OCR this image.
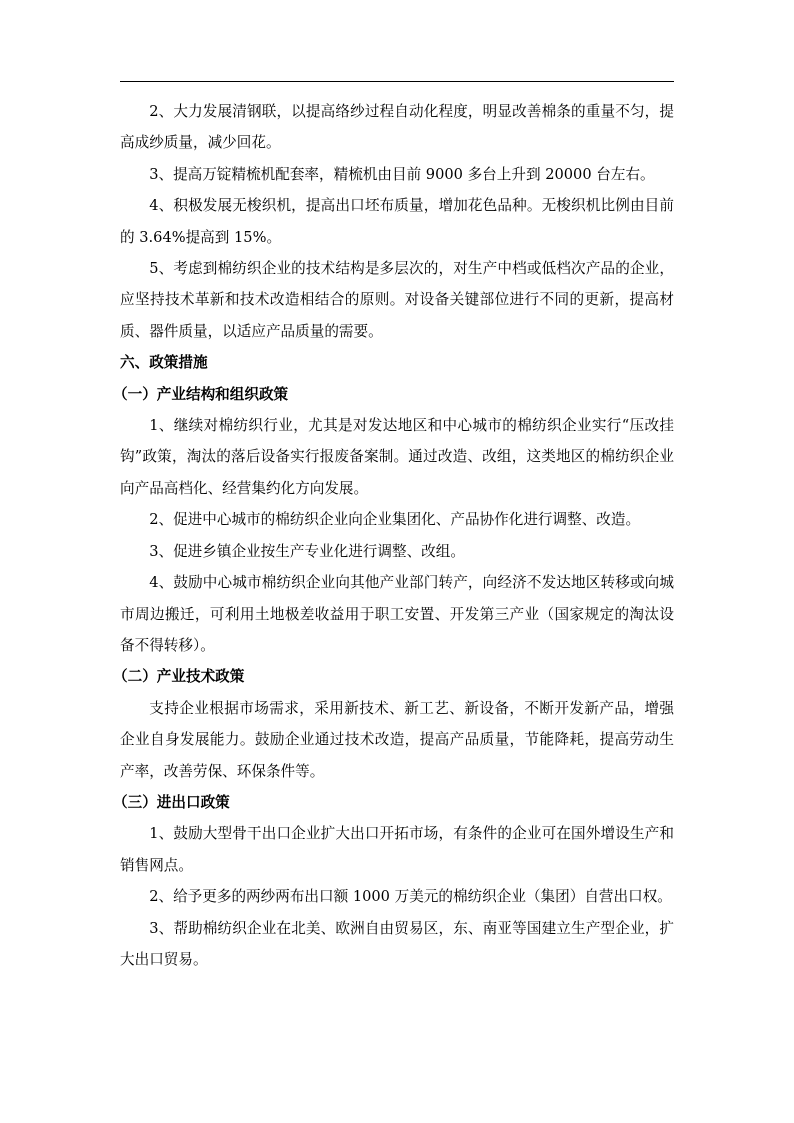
2、大力发展清钢联，以提高络纱过程自动化程度，明显改善棉条的重量不匀，提高成纱质量，减少回花。

3、提高万锭精梳机配套率，精梳机由目前 9000 多台上升到 20000 台左右。

4、积极发展无梭织机，提高出口坯布质量，增加花色品种。无梭织机比例由目前的 3.64%提高到 15%。

5、考虑到棉纺织企业的技术结构是多层次的，对生产中档或低档次产品的企业，应坚持技术革新和技术改造相结合的原则。对设备关键部位进行不同的更新，提高材质、器件质量，以适应产品质量的需要。

六、政策措施

（一）产业结构和组织政策

1、继续对棉纺织行业，尤其是对发达地区和中心城市的棉纺织企业实行“压改挂钩”政策，淘汰的落后设备实行报废备案制。通过改造、改组，这类地区的棉纺织企业向产品高档化、经营集约化方向发展。

2、促进中心城市的棉纺织企业向企业集团化、产品协作化进行调整、改造。

3、促进乡镇企业按生产专业化进行调整、改组。

4、鼓励中心城市棉纺织企业向其他产业部门转产，向经济不发达地区转移或向城市周边搬迁，可利用土地极差收益用于职工安置、开发第三产业（国家规定的淘汰设备不得转移）。

（二）产业技术政策

支持企业根据市场需求，采用新技术、新工艺、新设备，不断开发新产品，增强企业自身发展能力。鼓励企业通过技术改造，提高产品质量，节能降耗，提高劳动生产率，改善劳保、环保条件等。

（三）进出口政策

1、鼓励大型骨干出口企业扩大出口开拓市场，有条件的企业可在国外增设生产和销售网点。

2、给予更多的两纱两布出口额 1000 万美元的棉纺织企业（集团）自营出口权。

3、帮助棉纺织企业在北美、欧洲自由贸易区，东、南亚等国建立生产型企业，扩大出口贸易。
